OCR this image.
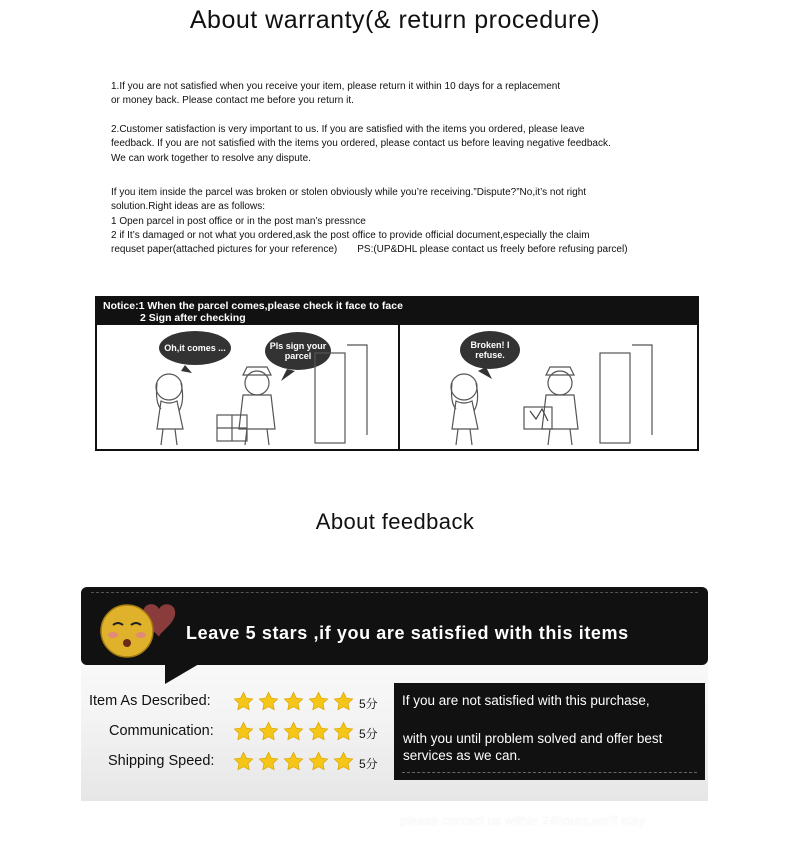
About warranty(& return procedure)
1.If you are not satisfied when you receive your item, please return it within 10 days for a replacement
or money back. Please contact me before you return it.
2.Customer satisfaction is very important to us. If you are satisfied with the items you ordered, please leave
feedback. If you are not satisfied with the items you ordered, please contact us before leaving negative feedback.
We can work together to resolve any dispute.
If you item inside the parcel was broken or stolen obviously while you’re receiving.”Dispute?”No,it’s not right
solution.Right ideas are as follows:
1 Open parcel in post office or in the post man’s pressnce
2 if It’s damaged or not what you ordered,ask the post office to provide official document,especially the claim
requset paper(attached pictures for your reference) PS:(UP&DHL please contact us freely before refusing parcel)
Notice:1 When the parcel comes,please check it face to face
2 Sign after checking
Oh,it comes ...	Pls sign your parcel
Broken! I refuse.
About feedback
Leave 5 stars ,if you are satisfied with this items
Item As Described:	5分
Communication:	5分
Shipping Speed:	5分
If you are not satisfied with this purchase,
with you until problem solved and offer best services as we can.
please contact us within 24hours,we’ll stay
